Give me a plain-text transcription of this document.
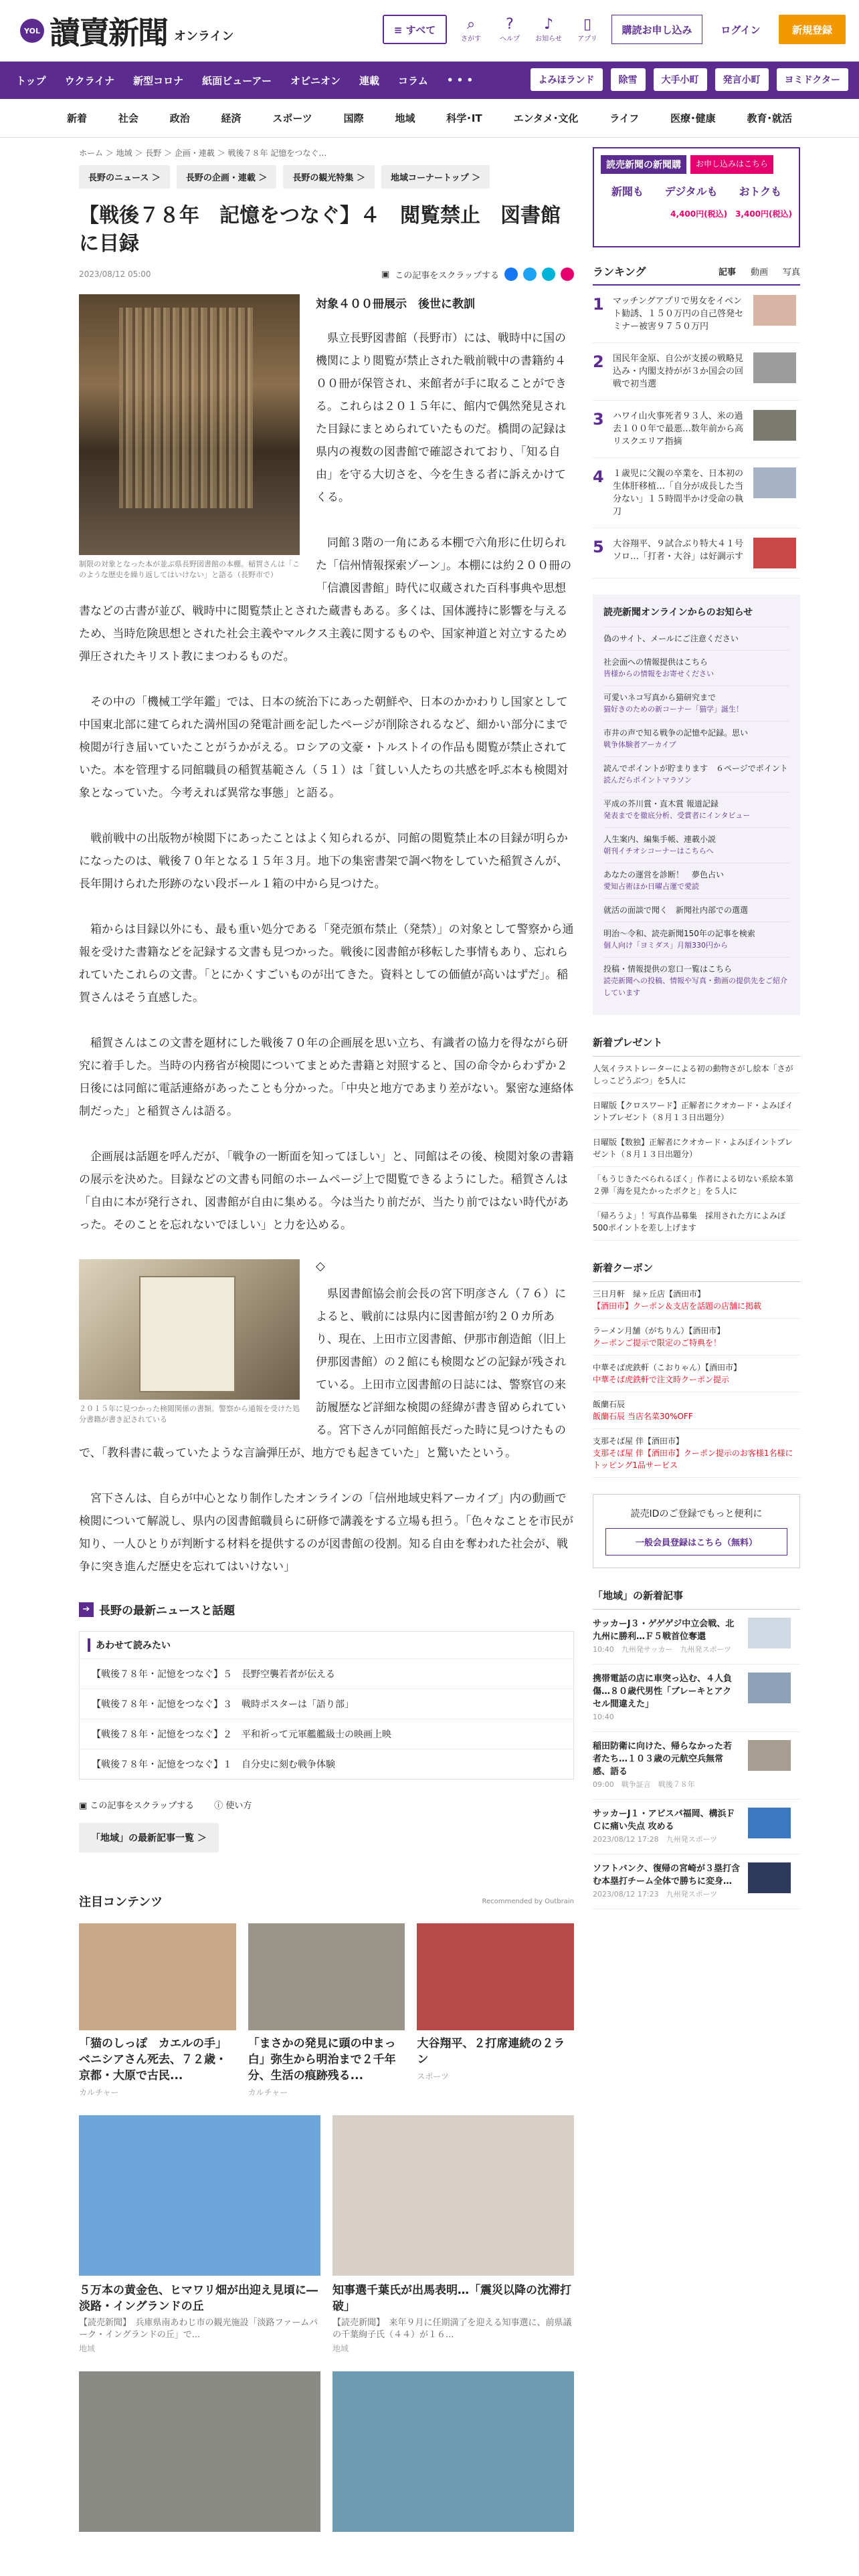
YOL 讀賣新聞 オンライン	≡ すべて	⌕
さがす
?
ヘルプ
♪
お知らせ
▯
アプリ
購読お申し込み	ログイン	新規登録
トップ	ウクライナ	新型コロナ	紙面ビューアー	オピニオン	連載	コラム	• • •	よみほランド	除雪	大手小町	発言小町	ヨミドクター
新着	社会	政治	経済	スポーツ	国際	地域	科学･IT	エンタメ･文化	ライフ	医療･健康	教育･就活
ホーム ＞ 地域 ＞ 長野 ＞ 企画・連載 ＞ 戦後７８年 記憶をつなぐ…
長野のニュース ＞	長野の企画・連載 ＞	長野の観光特集 ＞	地域コーナートップ ＞
【戦後７８年　記憶をつなぐ】４　閲覧禁止　図書館に目録
2023/08/12 05:00	▣ この記事をスクラップする
制限の対象となった本が並ぶ県長野図書館の本棚。稲賀さんは「このような歴史を繰り返してはいけない」と語る（長野市で）
対象４００冊展示　後世に教訓

県立長野図書館（長野市）には、戦時中に国の機関により閲覧が禁止された戦前戦中の書籍約４００冊が保管され、来館者が手に取ることができる。これらは２０１５年に、館内で偶然発見された目録にまとめられていたものだ。橋間の記録は県内の複数の図書館で確認されており、「知る自由」を守る大切さを、今を生きる者に訴えかけてくる。

同館３階の一角にある本棚で六角形に仕切られた「信州情報探索ゾーン」。本棚には約２００冊の「信濃図書館」時代に収蔵された百科事典や思想書などの古書が並び、戦時中に閲覧禁止とされた蔵書もある。多くは、国体護持に影響を与えるため、当時危険思想とされた社会主義やマルクス主義に関するものや、国家神道と対立するため弾圧されたキリスト教にまつわるものだ。

その中の「機械工学年鑑」では、日本の統治下にあった朝鮮や、日本のかかわりし国家として中国東北部に建てられた満州国の発電計画を記したページが削除されるなど、細かい部分にまで検閲が行き届いていたことがうかがえる。ロシアの文豪・トルストイの作品も閲覧が禁止されていた。本を管理する同館職員の稲賀基範さん（５１）は「貧しい人たちの共感を呼ぶ本も検閲対象となっていた。今考えれば異常な事態」と語る。

戦前戦中の出版物が検閲下にあったことはよく知られるが、同館の閲覧禁止本の目録が明らかになったのは、戦後７０年となる１５年３月。地下の集密書架で調べ物をしていた稲賀さんが、長年開けられた形跡のない段ボール１箱の中から見つけた。

箱からは目録以外にも、最も重い処分である「発売頒布禁止（発禁）」の対象として警察から通報を受けた書籍などを記録する文書も見つかった。戦後に図書館が移転した事情もあり、忘れられていたこれらの文書。「とにかくすごいものが出てきた。資料としての価値が高いはずだ」。稲賀さんはそう直感した。

稲賀さんはこの文書を題材にした戦後７０年の企画展を思い立ち、有識者の協力を得ながら研究に着手した。当時の内務省が検閲についてまとめた書籍と対照すると、国の命令からわずか２日後には同館に電話連絡があったことも分かった。「中央と地方であまり差がない。緊密な連絡体制だった」と稲賀さんは語る。

企画展は話題を呼んだが、「戦争の一断面を知ってほしい」と、同館はその後、検閲対象の書籍の展示を決めた。目録などの文書も同館のホームページ上で閲覧できるようにした。稲賀さんは「自由に本が発行され、図書館が自由に集める。今は当たり前だが、当たり前ではない時代があった。そのことを忘れないでほしい」と力を込める。

２０１５年に見つかった検閲関係の書類。警察から通報を受けた処分書籍が書き記されている
◇

県図書館協会前会長の宮下明彦さん（７６）によると、戦前には県内に図書館が約２０カ所あり、現在、上田市立図書館、伊那市創造館（旧上伊那図書館）の２館にも検閲などの記録が残されている。上田市立図書館の日誌には、警察官の来訪履歴など詳細な検閲の経緯が書き留められている。宮下さんが同館館長だった時に見つけたもので、「教科書に載っていたような言論弾圧が、地方でも起きていた」と驚いたという。

宮下さんは、自らが中心となり制作したオンラインの「信州地域史料アーカイブ」内の動画で検閲について解説し、県内の図書館職員らに研修で講義をする立場も担う。「色々なことを市民が知り、一人ひとりが判断する材料を提供するのが図書館の役割。知る自由を奪われた社会が、戦争に突き進んだ歴史を忘れてはいけない」

➔ 長野の最新ニュースと話題
あわせて読みたい
【戦後７８年・記憶をつなぐ】５　長野空襲若者が伝える
【戦後７８年・記憶をつなぐ】３　戦時ポスターは「語り部」
【戦後７８年・記憶をつなぐ】２　平和祈って元軍艦艦級士の映画上映
【戦後７８年・記憶をつなぐ】１　自分史に刻む戦争体験
▣ この記事をスクラップする ⓘ 使い方
「地域」の最新記事一覧 ＞
注目コンテンツ	Recommended by Outbrain
「猫のしっぽ　カエルの手」ベニシアさん死去、７２歳・京都・大原で古民...
カルチャー
「まさかの発見に頭の中まっ白」弥生から明治まで２千年分、生活の痕跡残る...
カルチャー
大谷翔平、２打席連続の２ラン
スポーツ
５万本の黄金色、ヒマワリ畑が出迎え見頃に―淡路・イングランドの丘
【読売新聞】　兵庫県南あわじ市の観光施設「淡路ファームパーク・イングランドの丘」で...
地域
知事選千葉氏が出馬表明…「震災以降の沈滞打破」
【読売新聞】　来年９月に任期満了を迎える知事選に、前県議の千葉絢子氏（４４）が１６...
地域
読売新聞の新聞購	お申し込みはこちら
新聞も デジタルも おトクも
4,400円(税込)　3,400円(税込)
ランキング	記事 動画 写真
1	マッチングアプリで男女をイベント勧誘、１５０万円の自己啓発セミナー被害９７５０万円
2	国民年金原、自公が支援の戦略見込み・内閣支持がが３か国会の回戦で初当選
3	ハワイ山火事死者９３人、米の過去１００年で最悪…数年前から高リスクエリア指摘
4	１歳児に父親の卒業を、日本初の生体肝移植…「自分が成長した当分ない」１５時間半かけ受命の執刀
5	大谷翔平、９試合ぶり特大４１号ソロ…「打者・大谷」は好調示す
読売新聞オンラインからのお知らせ
偽のサイト、メールにご注意ください
社会面への情報提供はこちら
皆様からの情報をお寄せください
可愛いネコ写真から猫研究まで
猫好きのための新コーナー「猫学」誕生！
市井の声で知る戦争の記憶や記録。思い
戦争体験者アーカイブ
読んでポイントが貯まります　６ページでポイント
読んだらポイントマラソン
平成の芥川賞・直木賞 報道記録
発表までを徹底分析、受賞者にインタビュー
人生案内、編集手帳、連載小説
朝刊イチオシコーナーはこちらへ
あなたの運営を診断！　夢色占い
愛知占術ほか日曜占運で愛読
就活の面談で聞く　新聞社内部での選選
明治〜令和、読売新聞150年の記事を検索
個人向け「ヨミダス」月額330円から
投稿・情報提供の窓口一覧はこちら
読売新聞への投稿、情報や写真・動画の提供先をご紹介しています
新着プレゼント
人気イラストレーターによる初の動物さがし絵本「さがしっこどうぶつ」を5人に
日曜版【クロスワード】正解者にクオカード・よみぽイントプレゼント（８月１３日出題分）
日曜版【数独】正解者にクオカード・よみぽイントプレゼント（８月１３日出題分）
「もうじきたべられるぼく」作者による切ない系絵本第２弾「海を見たかったボクと」を５人に
「帰ろうよ」！写真作品募集　採用された方によみぽ500ポイントを差し上げます
新着クーポン
三日月軒　緑ヶ丘店【酒田市】
【酒田市】クーポン＆支店を話題の店舗に掲載
ラーメン月舗（がちりん）【酒田市】
クーポンご提示で限定のご特典を！
中華そば虎鉄軒（こおりゃん）【酒田市】
中華そば虎鉄軒で注文時クーポン提示
飯蘭石辰
飯蘭石辰 当店名菜30%OFF
支那そば屋 伴【酒田市】
支那そば屋 伴【酒田市】クーポン提示のお客様1名様にトッピング1品サービス
読売IDのご登録でもっと便利に
一般会員登録はこちら（無料）
「地域」の新着記事
サッカーJ３・ゲゲゲジ中立会戦、北九州に勝利…Ｆ５戦首位奪還
10:40　九州発サッカー　九州発スポーツ
携帯電話の店に車突っ込む、４人負傷…８０歳代男性「ブレーキとアクセル間違えた」
10:40
稲田防衛に向けた、帰らなかった若者たち…１０３歳の元航空兵無常感、語る
09:00　戦争証言　戦後７８年
サッカーJ１・アビスパ福岡、構浜ＦＣに痛い失点 攻める
2023/08/12 17:28　九州発スポーツ
ソフトバンク、復帰の宮崎が３塁打含む本塁打チーム全体で勝ちに変身…
2023/08/12 17:23　九州発スポーツ
